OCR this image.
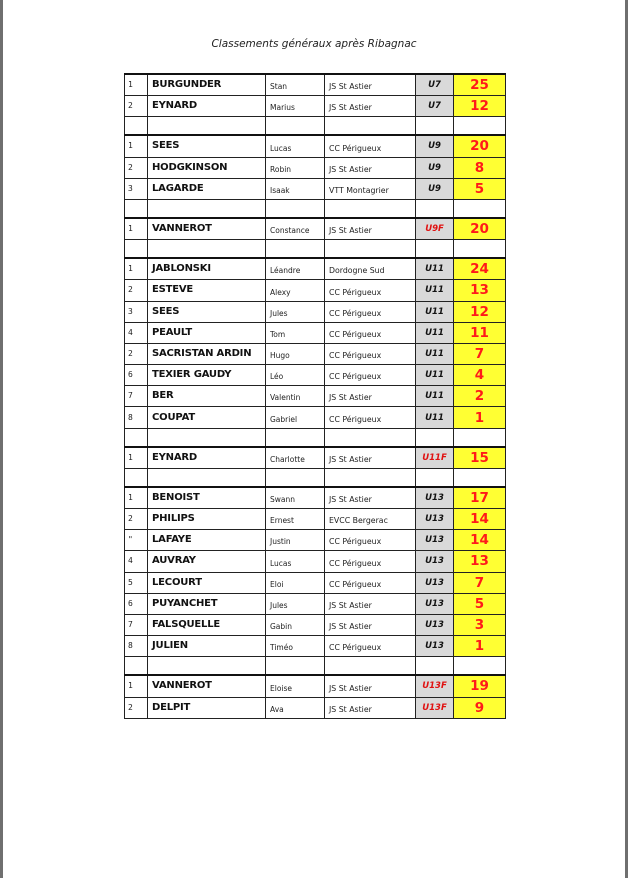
Classements généraux après Ribagnac
1	BURGUNDER	Stan	JS St Astier	U7	25
2	EYNARD	Marius	JS St Astier	U7	12

1	SEES	Lucas	CC Périgueux	U9	20
2	HODGKINSON	Robin	JS St Astier	U9	8
3	LAGARDE	Isaak	VTT Montagrier	U9	5

1	VANNEROT	Constance	JS St Astier	U9F	20

1	JABLONSKI	Léandre	Dordogne Sud	U11	24
2	ESTEVE	Alexy	CC Périgueux	U11	13
3	SEES	Jules	CC Périgueux	U11	12
4	PEAULT	Tom	CC Périgueux	U11	11
2	SACRISTAN ARDIN	Hugo	CC Périgueux	U11	7
6	TEXIER GAUDY	Léo	CC Périgueux	U11	4
7	BER	Valentin	JS St Astier	U11	2
8	COUPAT	Gabriel	CC Périgueux	U11	1

1	EYNARD	Charlotte	JS St Astier	U11F	15

1	BENOIST	Swann	JS St Astier	U13	17
2	PHILIPS	Ernest	EVCC Bergerac	U13	14
"	LAFAYE	Justin	CC Périgueux	U13	14
4	AUVRAY	Lucas	CC Périgueux	U13	13
5	LECOURT	Eloi	CC Périgueux	U13	7
6	PUYANCHET	Jules	JS St Astier	U13	5
7	FALSQUELLE	Gabin	JS St Astier	U13	3
8	JULIEN	Timéo	CC Périgueux	U13	1

1	VANNEROT	Eloise	JS St Astier	U13F	19
2	DELPIT	Ava	JS St Astier	U13F	9
